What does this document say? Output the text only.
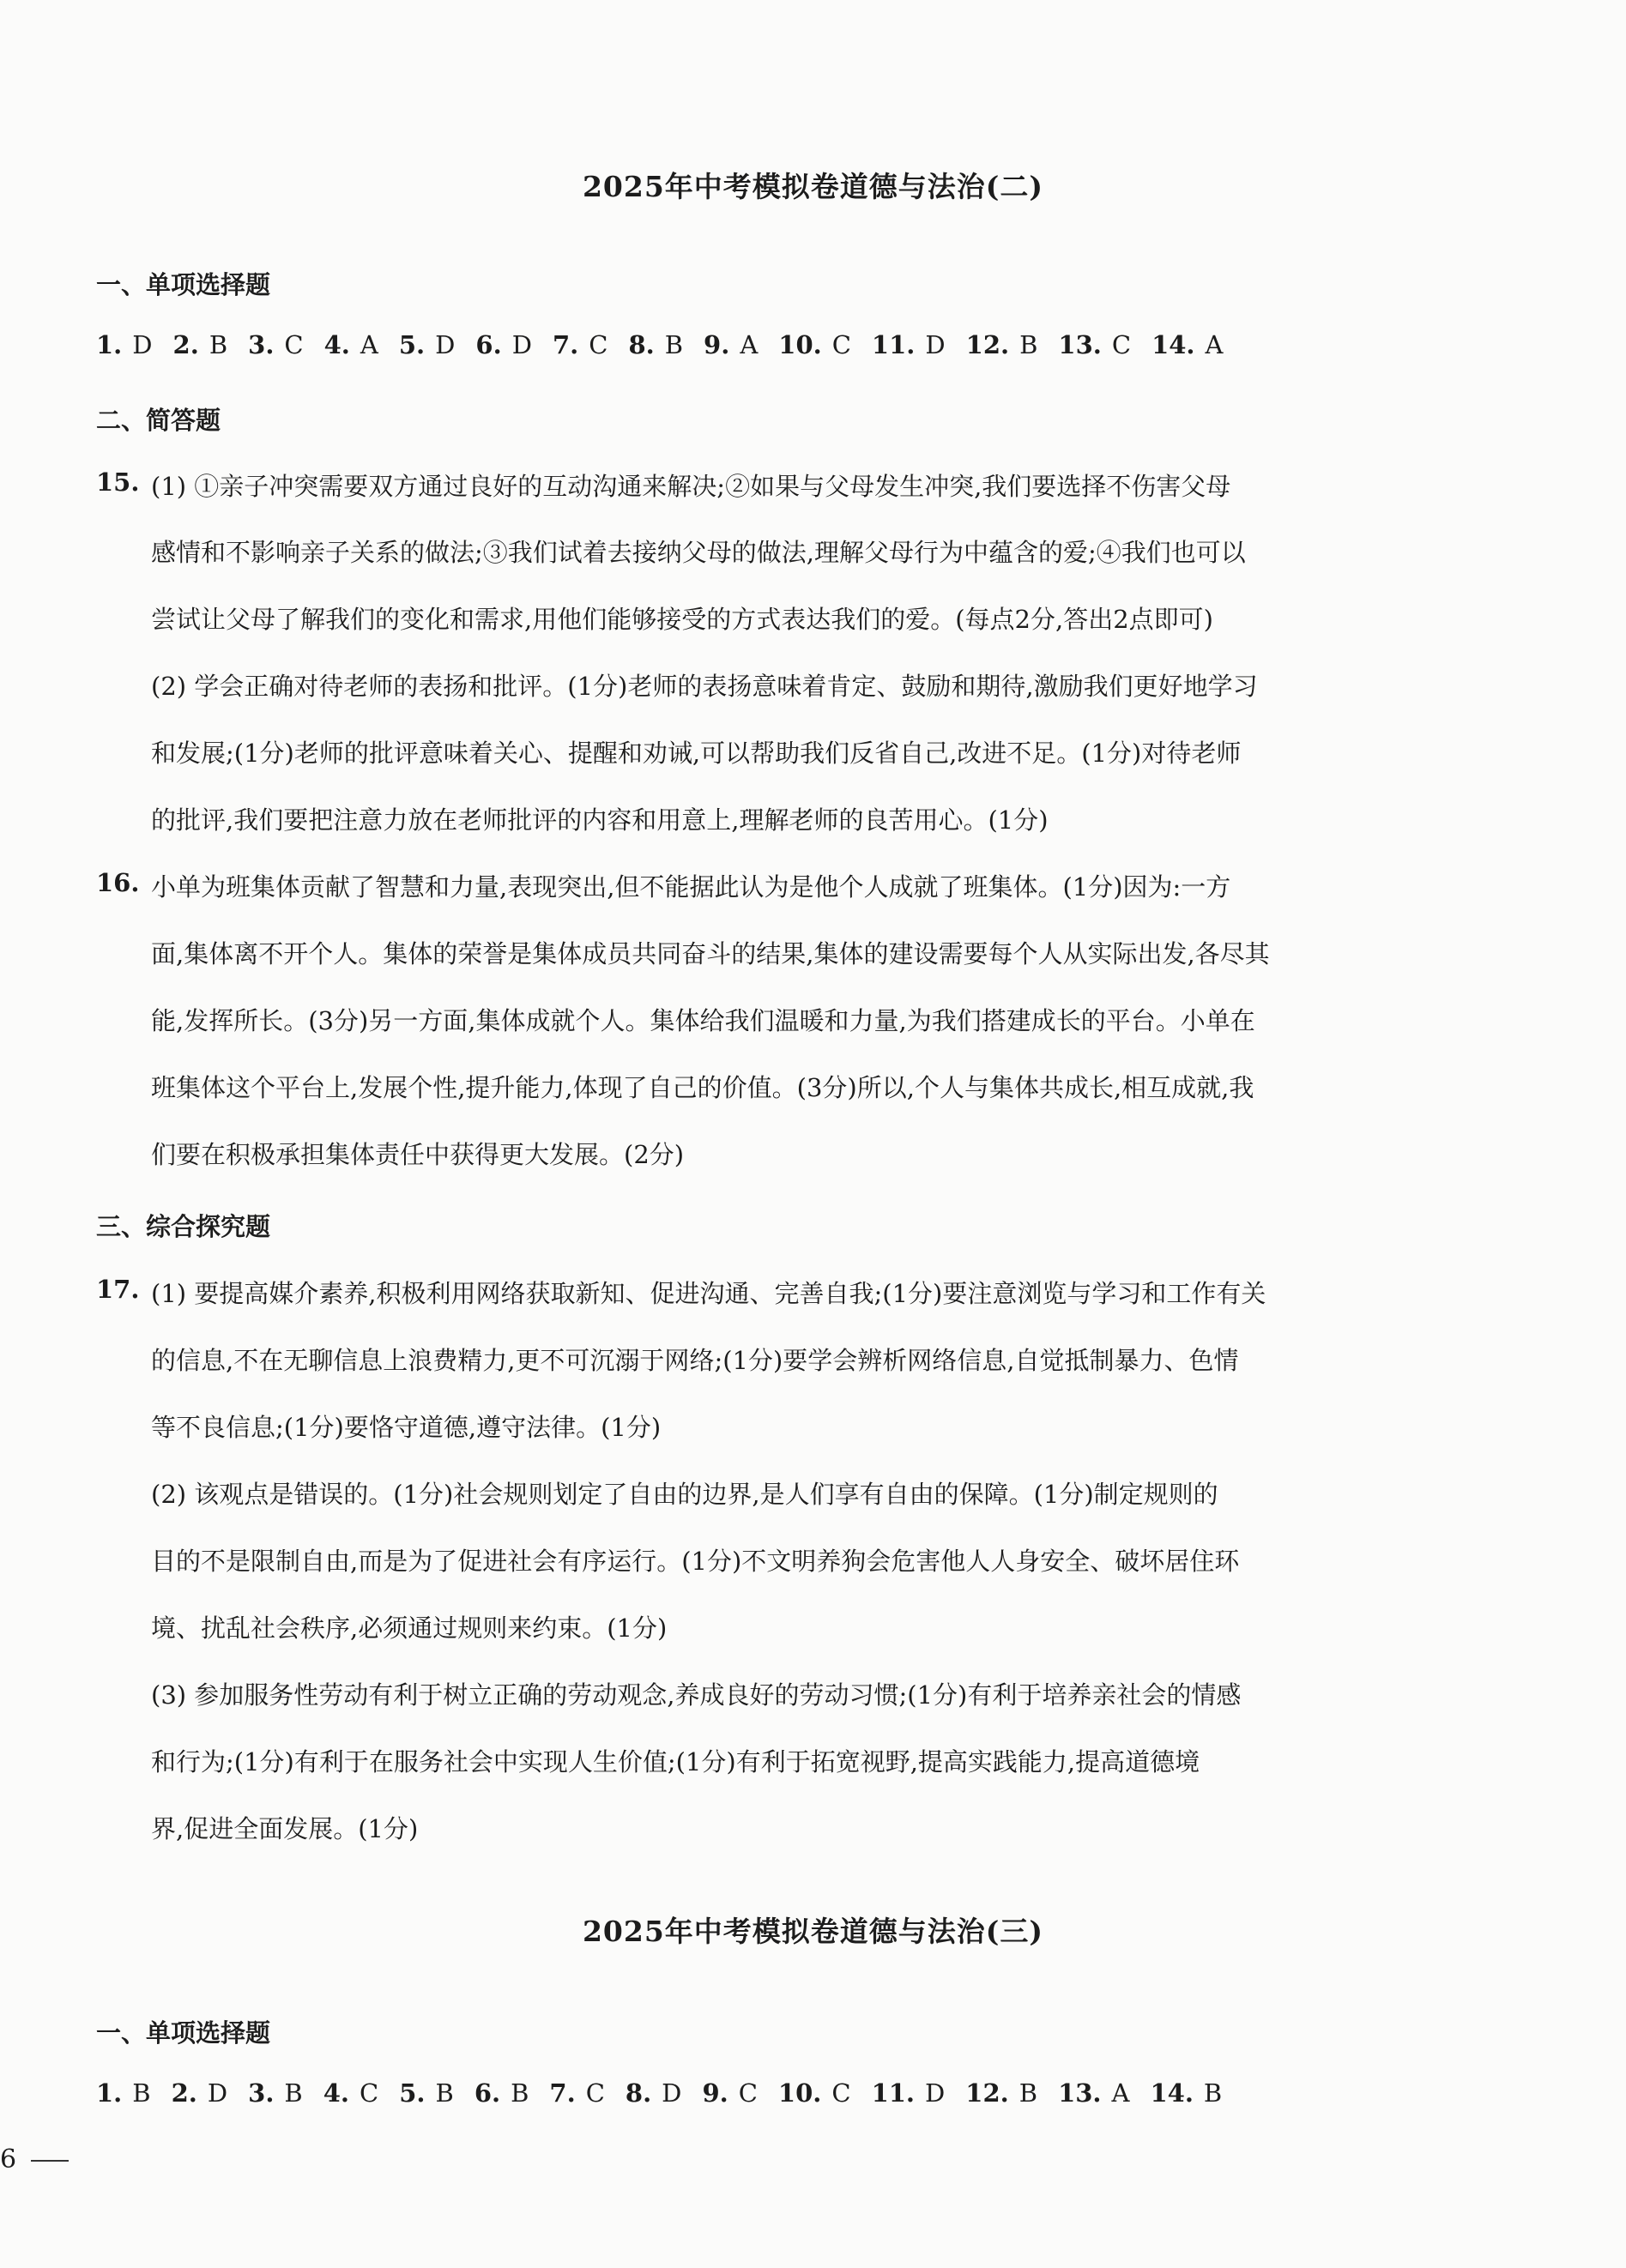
2025年中考模拟卷道德与法治(二)
一、单项选择题
1. D 2. B 3. C 4. A 5. D 6. D 7. C 8. B 9. A 10. C 11. D 12. B 13. C 14. A
二、简答题
15. (1) ①亲子冲突需要双方通过良好的互动沟通来解决;②如果与父母发生冲突,我们要选择不伤害父母
感情和不影响亲子关系的做法;③我们试着去接纳父母的做法,理解父母行为中蕴含的爱;④我们也可以
尝试让父母了解我们的变化和需求,用他们能够接受的方式表达我们的爱。(每点2分,答出2点即可)
(2) 学会正确对待老师的表扬和批评。(1分)老师的表扬意味着肯定、鼓励和期待,激励我们更好地学习
和发展;(1分)老师的批评意味着关心、提醒和劝诫,可以帮助我们反省自己,改进不足。(1分)对待老师
的批评,我们要把注意力放在老师批评的内容和用意上,理解老师的良苦用心。(1分)
16. 小单为班集体贡献了智慧和力量,表现突出,但不能据此认为是他个人成就了班集体。(1分)因为:一方
面,集体离不开个人。集体的荣誉是集体成员共同奋斗的结果,集体的建设需要每个人从实际出发,各尽其
能,发挥所长。(3分)另一方面,集体成就个人。集体给我们温暖和力量,为我们搭建成长的平台。小单在
班集体这个平台上,发展个性,提升能力,体现了自己的价值。(3分)所以,个人与集体共成长,相互成就,我
们要在积极承担集体责任中获得更大发展。(2分)
三、综合探究题
17. (1) 要提高媒介素养,积极利用网络获取新知、促进沟通、完善自我;(1分)要注意浏览与学习和工作有关
的信息,不在无聊信息上浪费精力,更不可沉溺于网络;(1分)要学会辨析网络信息,自觉抵制暴力、色情
等不良信息;(1分)要恪守道德,遵守法律。(1分)
(2) 该观点是错误的。(1分)社会规则划定了自由的边界,是人们享有自由的保障。(1分)制定规则的
目的不是限制自由,而是为了促进社会有序运行。(1分)不文明养狗会危害他人人身安全、破坏居住环
境、扰乱社会秩序,必须通过规则来约束。(1分)
(3) 参加服务性劳动有利于树立正确的劳动观念,养成良好的劳动习惯;(1分)有利于培养亲社会的情感
和行为;(1分)有利于在服务社会中实现人生价值;(1分)有利于拓宽视野,提高实践能力,提高道德境
界,促进全面发展。(1分)
2025年中考模拟卷道德与法治(三)
一、单项选择题
1. B 2. D 3. B 4. C 5. B 6. B 7. C 8. D 9. C 10. C 11. D 12. B 13. A 14. B
6
